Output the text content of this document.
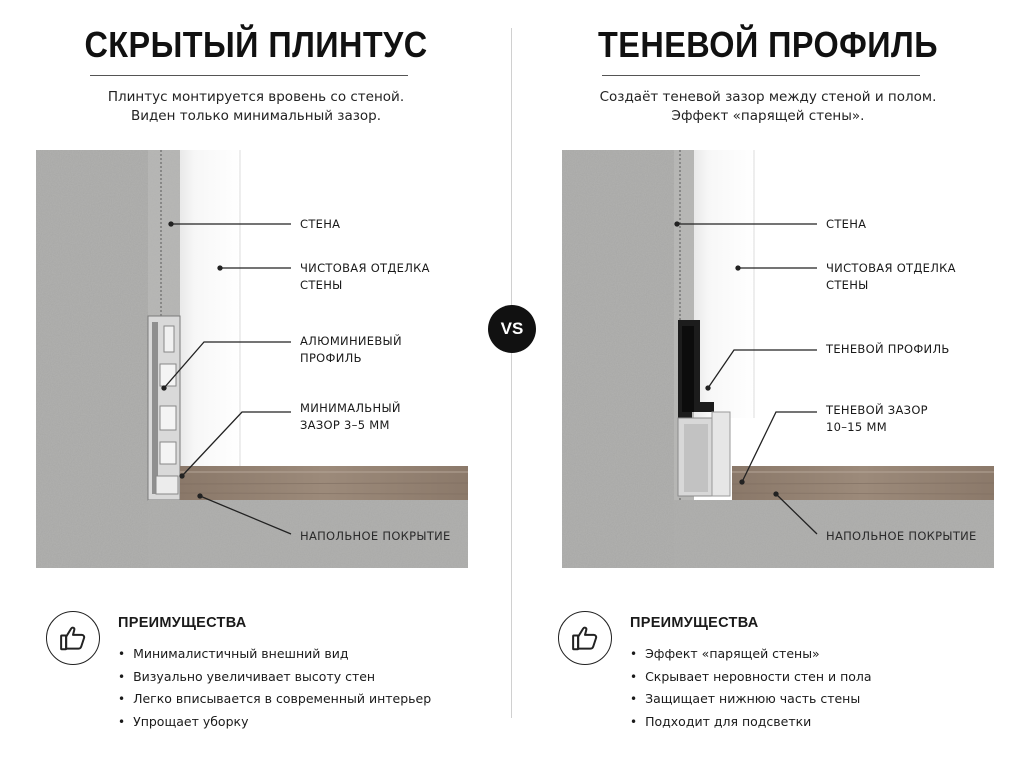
VS
СКРЫТЫЙ ПЛИНТУС
Плинтус монтируется вровень со стеной.
Виден только минимальный зазор.
СТЕНА
ЧИСТОВАЯ ОТДЕЛКА
СТЕНЫ
АЛЮМИНИЕВЫЙ
ПРОФИЛЬ
МИНИМАЛЬНЫЙ
ЗАЗОР 3–5 ММ
НАПОЛЬНОЕ ПОКРЫТИЕ
ПРЕИМУЩЕСТВА
• Минималистичный внешний вид
• Визуально увеличивает высоту стен
• Легко вписывается в современный интерьер
• Упрощает уборку
ТЕНЕВОЙ ПРОФИЛЬ
Создаёт теневой зазор между стеной и полом.
Эффект «парящей стены».
СТЕНА
ЧИСТОВАЯ ОТДЕЛКА
СТЕНЫ
ТЕНЕВОЙ ПРОФИЛЬ
ТЕНЕВОЙ ЗАЗОР
10–15 ММ
НАПОЛЬНОЕ ПОКРЫТИЕ
ПРЕИМУЩЕСТВА
• Эффект «парящей стены»
• Скрывает неровности стен и пола
• Защищает нижнюю часть стены
• Подходит для подсветки
